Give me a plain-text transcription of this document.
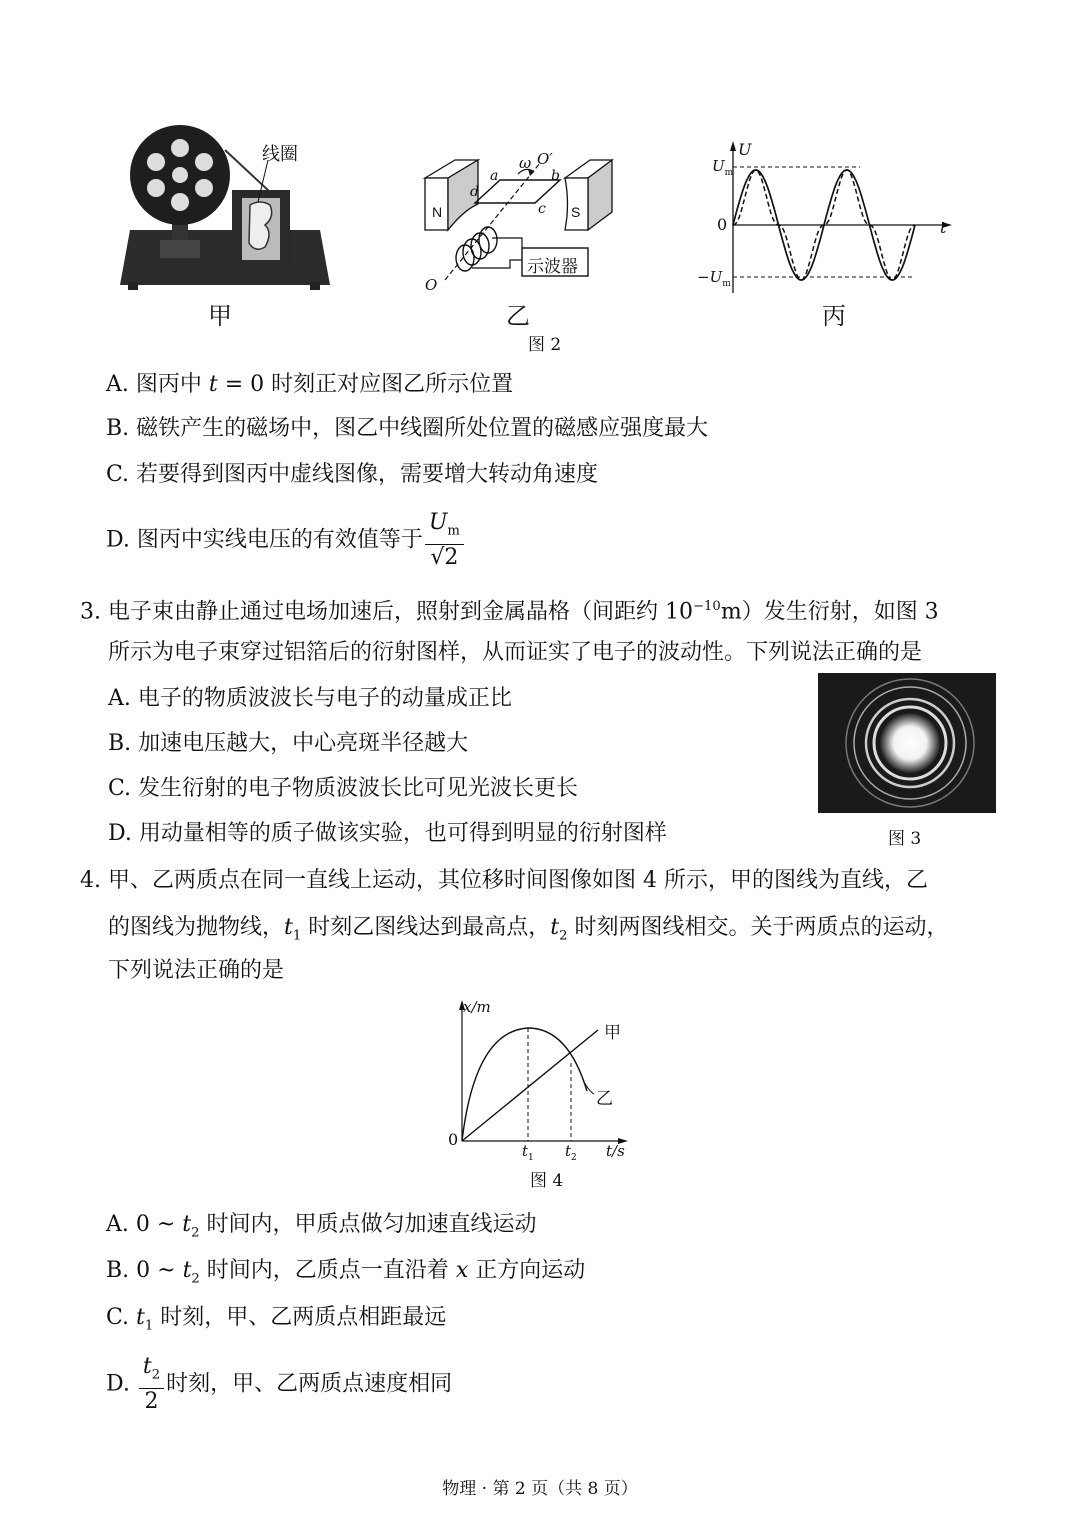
线圈
甲
N	S
示波器
ω O′
O
a	b
c
d
乙
U
t
$U_m$
0
$-U_m$
丙
图 2
A. 图丙中 t = 0 时刻正对应图乙所示位置
B. 磁铁产生的磁场中，图乙中线圈所处位置的磁感应强度最大
C. 若要得到图丙中虚线图像，需要增大转动角速度
D. 图丙中实线电压的有效值等于 $\frac{U_m}{√2}$
3. 电子束由静止通过电场加速后，照射到金属晶格（间距约 $10^{-10}m$）发生衍射，如图 3
所示为电子束穿过铝箔后的衍射图样，从而证实了电子的波动性。下列说法正确的是
A. 电子的物质波波长与电子的动量成正比
B. 加速电压越大，中心亮斑半径越大
C. 发生衍射的电子物质波波长比可见光波长更长
D. 用动量相等的质子做该实验，也可得到明显的衍射图样	图 3
4. 甲、乙两质点在同一直线上运动，其位移时间图像如图 4 所示，甲的图线为直线，乙
的图线为抛物线，$t_1$ 时刻乙图线达到最高点，$t_2$ 时刻两图线相交。关于两质点的运动，
下列说法正确的是
x/m
0
$t_1$ $t_2$ t/s
甲
乙
图 4
A. 0 ~ $t_2$ 时间内，甲质点做匀加速直线运动
B. 0 ~ $t_2$ 时间内，乙质点一直沿着 x 正方向运动
C. $t_1$ 时刻，甲、乙两质点相距最远
D. $\frac{t_2}{2}$ 时刻，甲、乙两质点速度相同
物理 · 第 2 页（共 8 页）
